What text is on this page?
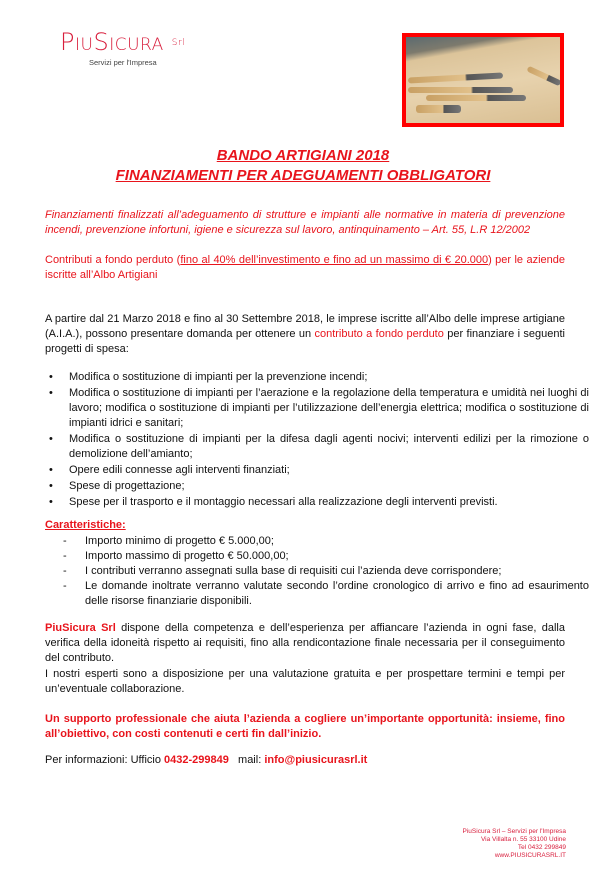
PIUSICURA Srl
Servizi per l'Impresa
BANDO ARTIGIANI 2018
FINANZIAMENTI PER ADEGUAMENTI OBBLIGATORI
Finanziamenti finalizzati all’adeguamento di strutture e impianti alle normative in materia di prevenzione incendi, prevenzione infortuni, igiene e sicurezza sul lavoro, antinquinamento – Art. 55, L.R 12/2002
Contributi a fondo perduto (fino al 40% dell’investimento e fino ad un massimo di € 20.000) per le aziende iscritte all’Albo Artigiani
A partire dal 21 Marzo 2018 e fino al 30 Settembre 2018, le imprese iscritte all’Albo delle imprese artigiane (A.I.A.), possono presentare domanda per ottenere un contributo a fondo perduto per finanziare i seguenti progetti di spesa:
• Modifica o sostituzione di impianti per la prevenzione incendi;
• Modifica o sostituzione di impianti per l’aerazione e la regolazione della temperatura e umidità nei luoghi di lavoro; modifica o sostituzione di impianti per l’utilizzazione dell’energia elettrica; modifica o sostituzione di impianti idrici e sanitari;
• Modifica o sostituzione di impianti per la difesa dagli agenti nocivi; interventi edilizi per la rimozione o demolizione dell’amianto;
• Opere edili connesse agli interventi finanziati;
• Spese di progettazione;
• Spese per il trasporto e il montaggio necessari alla realizzazione degli interventi previsti.
Caratteristiche:
- Importo minimo di progetto € 5.000,00;
- Importo massimo di progetto € 50.000,00;
- I contributi verranno assegnati sulla base di requisiti cui l’azienda deve corrispondere;
- Le domande inoltrate verranno valutate secondo l’ordine cronologico di arrivo e fino ad esaurimento delle risorse finanziarie disponibili.
PiuSicura Srl dispone della competenza e dell’esperienza per affiancare l’azienda in ogni fase, dalla verifica della idoneità rispetto ai requisiti, fino alla rendicontazione finale necessaria per il conseguimento del contributo.
I nostri esperti sono a disposizione per una valutazione gratuita e per prospettare termini e tempi per un’eventuale collaborazione.
Un supporto professionale che aiuta l’azienda a cogliere un’importante opportunità: insieme, fino all’obiettivo, con costi contenuti e certi fin dall’inizio.
Per informazioni: Ufficio 0432-299849   mail: info@piusicurasrl.it
PiuSicura Srl – Servizi per l'Impresa
Via Villalta n. 55 33100 Udine
Tel 0432 299849
www.PIUSICURASRL.IT
